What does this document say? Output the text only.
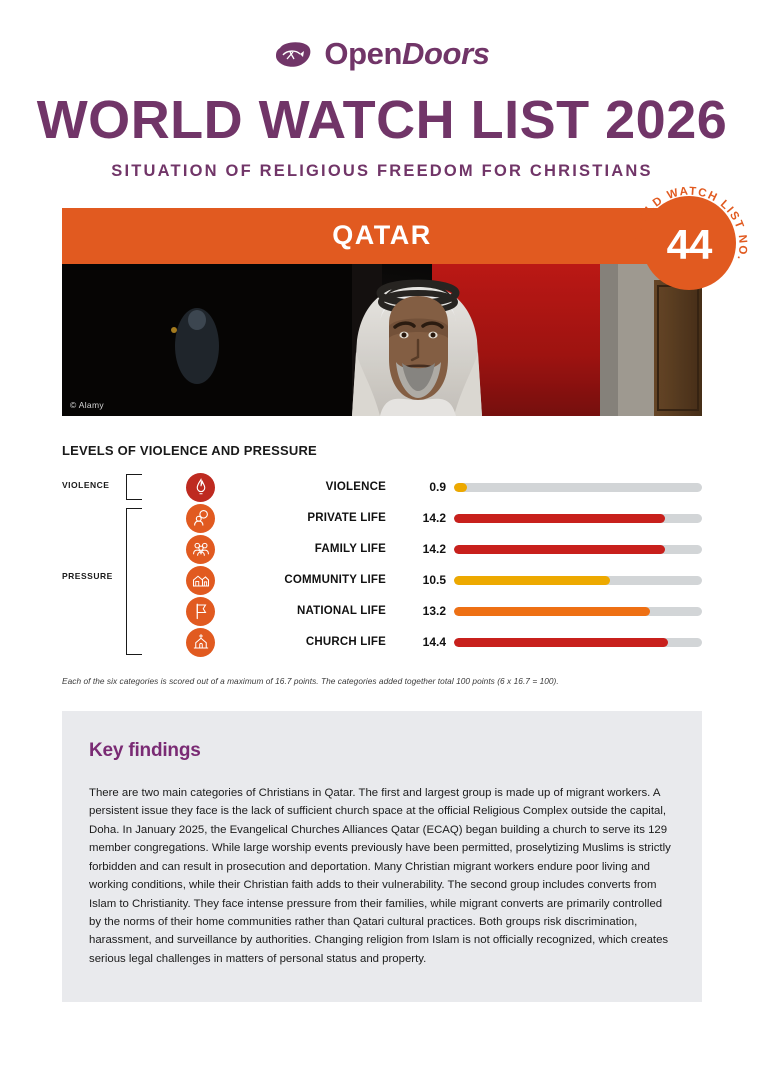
OpenDoors
WORLD WATCH LIST 2026
SITUATION OF RELIGIOUS FREEDOM FOR CHRISTIANS
QATAR	WORLD WATCH LIST NO.
44
© Alamy
LEVELS OF VIOLENCE AND PRESSURE
VIOLENCE
PRESSURE
VIOLENCE	0.9
PRIVATE LIFE	14.2
FAMILY LIFE	14.2
COMMUNITY LIFE	10.5
NATIONAL LIFE	13.2
CHURCH LIFE	14.4
Each of the six categories is scored out of a maximum of 16.7 points. The categories added together total 100 points (6 x 16.7 = 100).
Key findings
There are two main categories of Christians in Qatar. The first and largest group is made up of migrant workers. A persistent issue they face is the lack of sufficient church space at the official Religious Complex outside the capital, Doha. In January 2025, the Evangelical Churches Alliances Qatar (ECAQ) began building a church to serve its 129 member congregations. While large worship events previously have been permitted, proselytizing Muslims is strictly forbidden and can result in prosecution and deportation. Many Christian migrant workers endure poor living and working conditions, while their Christian faith adds to their vulnerability. The second group includes converts from Islam to Christianity. They face intense pressure from their families, while migrant converts are primarily controlled by the norms of their home communities rather than Qatari cultural practices. Both groups risk discrimination, harassment, and surveillance by authorities. Changing religion from Islam is not officially recognized, which creates serious legal challenges in matters of personal status and property.
